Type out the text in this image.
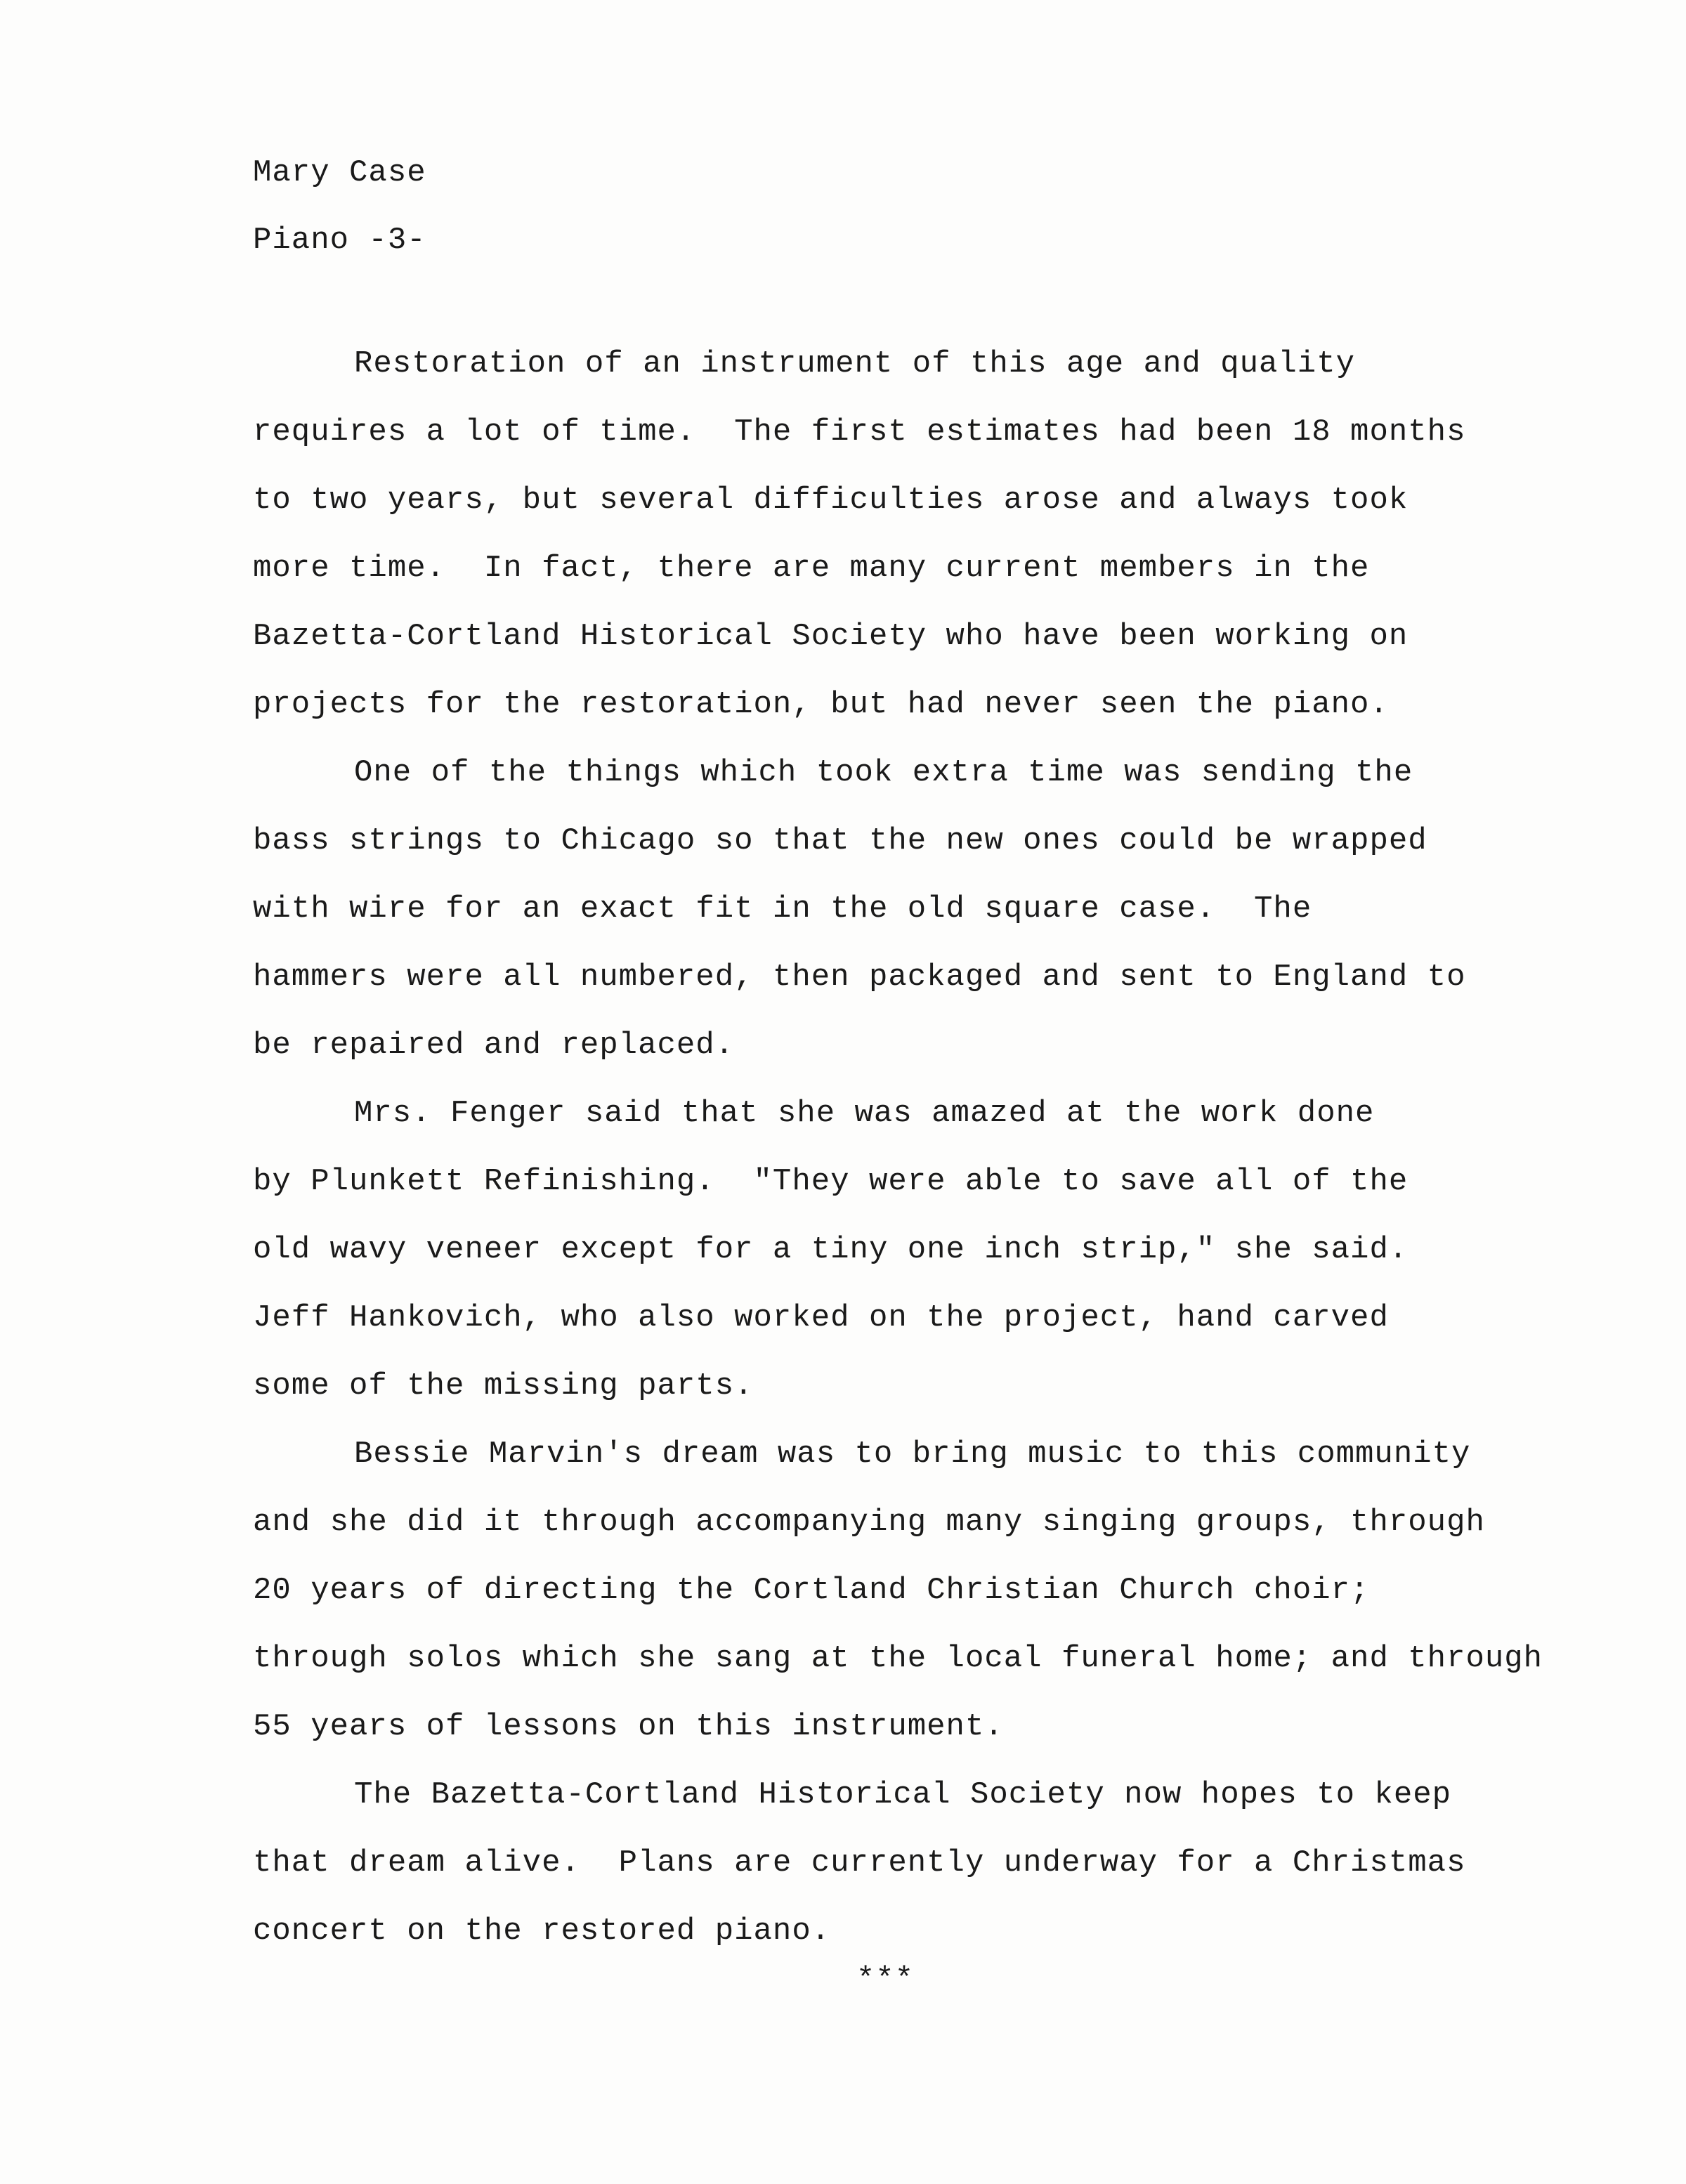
Mary Case
Piano -3-
Restoration of an instrument of this age and quality
requires a lot of time.  The first estimates had been 18 months
to two years, but several difficulties arose and always took
more time.  In fact, there are many current members in the
Bazetta-Cortland Historical Society who have been working on
projects for the restoration, but had never seen the piano.
One of the things which took extra time was sending the
bass strings to Chicago so that the new ones could be wrapped
with wire for an exact fit in the old square case.  The
hammers were all numbered, then packaged and sent to England to
be repaired and replaced.
Mrs. Fenger said that she was amazed at the work done
by Plunkett Refinishing.  "They were able to save all of the
old wavy veneer except for a tiny one inch strip," she said.
Jeff Hankovich, who also worked on the project, hand carved
some of the missing parts.
Bessie Marvin's dream was to bring music to this community
and she did it through accompanying many singing groups, through
20 years of directing the Cortland Christian Church choir;
through solos which she sang at the local funeral home; and through
55 years of lessons on this instrument.
The Bazetta-Cortland Historical Society now hopes to keep
that dream alive.  Plans are currently underway for a Christmas
concert on the restored piano.
***
